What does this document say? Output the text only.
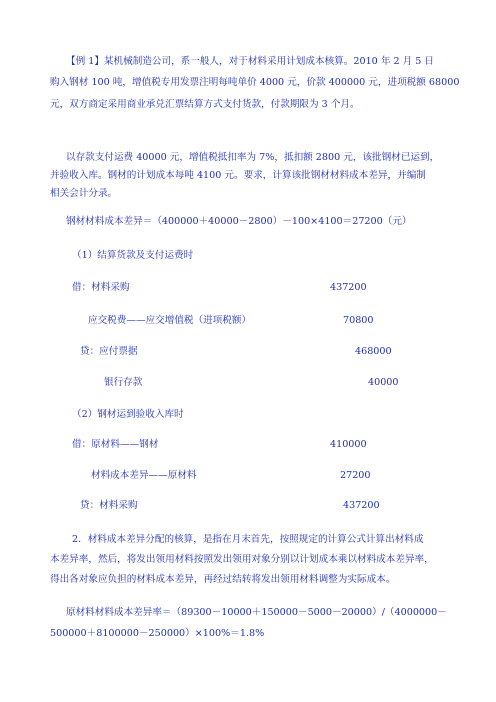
【例 1】某机械制造公司，系一般人，对于材料采用计划成本核算。2010 年 2 月 5 日
购入钢材 100 吨，增值税专用发票注明每吨单价 4000 元，价款 400000 元，进项税额 68000
元，双方商定采用商业承兑汇票结算方式支付货款，付款期限为 3 个月。
以存款支付运费 40000 元，增值税抵扣率为 7%，抵扣额 2800 元，该批钢材已运到，
并验收入库。钢材的计划成本每吨 4100 元。要求，计算该批钢材材料成本差异，并编制
相关会计分录。
钢材材料成本差异＝（400000＋40000－2800）－100×4100＝27200（元）
（1）结算货款及支付运费时
借：材料采购	437200
应交税费——应交增值税（进项税额）	70800
贷：应付票据	468000
银行存款	40000
（2）钢材运到验收入库时
借：原材料——钢材	410000
材料成本差异——原材料	27200
贷：材料采购	437200
2．材料成本差异分配的核算，是指在月末首先，按照规定的计算公式计算出材料成
本差异率，然后，将发出领用材料按照发出领用对象分别以计划成本乘以材料成本差异率，
得出各对象应负担的材料成本差异，再经过结转将发出领用材料调整为实际成本。
原材料材料成本差异率＝（89300－10000＋150000－5000－20000）/（4000000－
500000＋8100000－250000）×100%＝1.8%
